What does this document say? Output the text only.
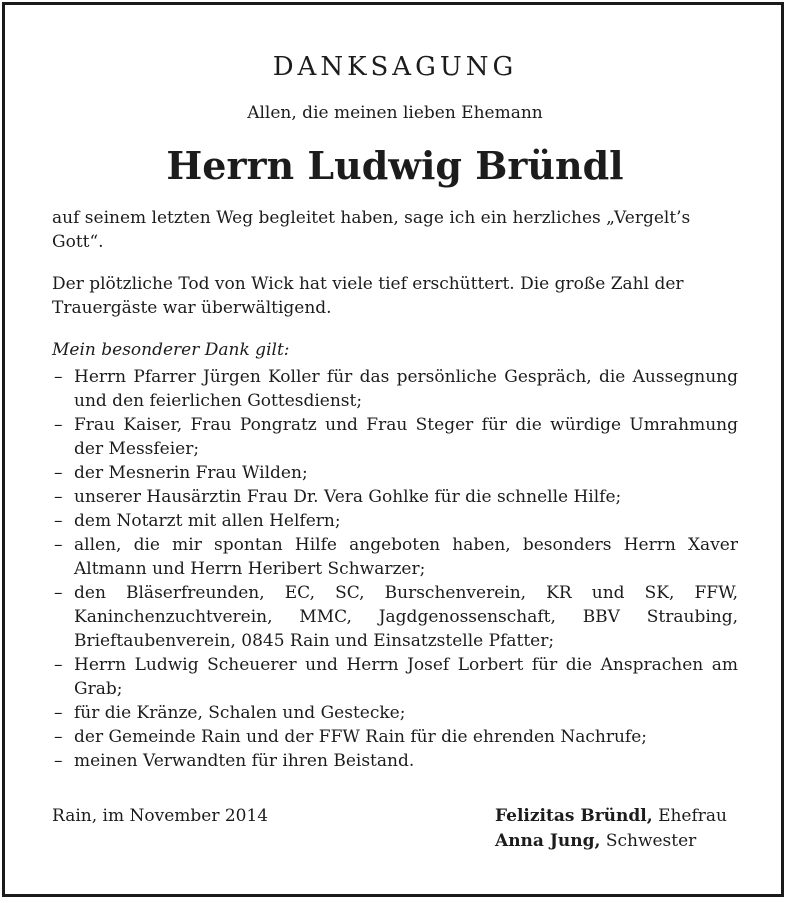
DANKSAGUNG
Allen, die meinen lieben Ehemann
Herrn Ludwig Bründl
auf seinem letzten Weg begleitet haben, sage ich ein herzliches „Vergelt’s Gott“.
Der plötzliche Tod von Wick hat viele tief erschüttert. Die große Zahl der Trauergäste war überwältigend.
Mein besonderer Dank gilt:
– Herrn Pfarrer Jürgen Koller für das persönliche Gespräch, die Aussegnung und den feierlichen Gottesdienst;
– Frau Kaiser, Frau Pongratz und Frau Steger für die würdige Umrahmung der Messfeier;
– der Mesnerin Frau Wilden;
– unserer Hausärztin Frau Dr. Vera Gohlke für die schnelle Hilfe;
– dem Notarzt mit allen Helfern;
– allen, die mir spontan Hilfe angeboten haben, besonders Herrn Xaver Altmann und Herrn Heribert Schwarzer;
– den Bläserfreunden, EC, SC, Burschenverein, KR und SK, FFW, Kaninchenzuchtverein, MMC, Jagdgenossenschaft, BBV Straubing, Brieftaubenverein, 0845 Rain und Einsatzstelle Pfatter;
– Herrn Ludwig Scheuerer und Herrn Josef Lorbert für die Ansprachen am Grab;
– für die Kränze, Schalen und Gestecke;
– der Gemeinde Rain und der FFW Rain für die ehrenden Nachrufe;
– meinen Verwandten für ihren Beistand.
Rain, im November 2014	Felizitas Bründl, Ehefrau
Anna Jung, Schwester
